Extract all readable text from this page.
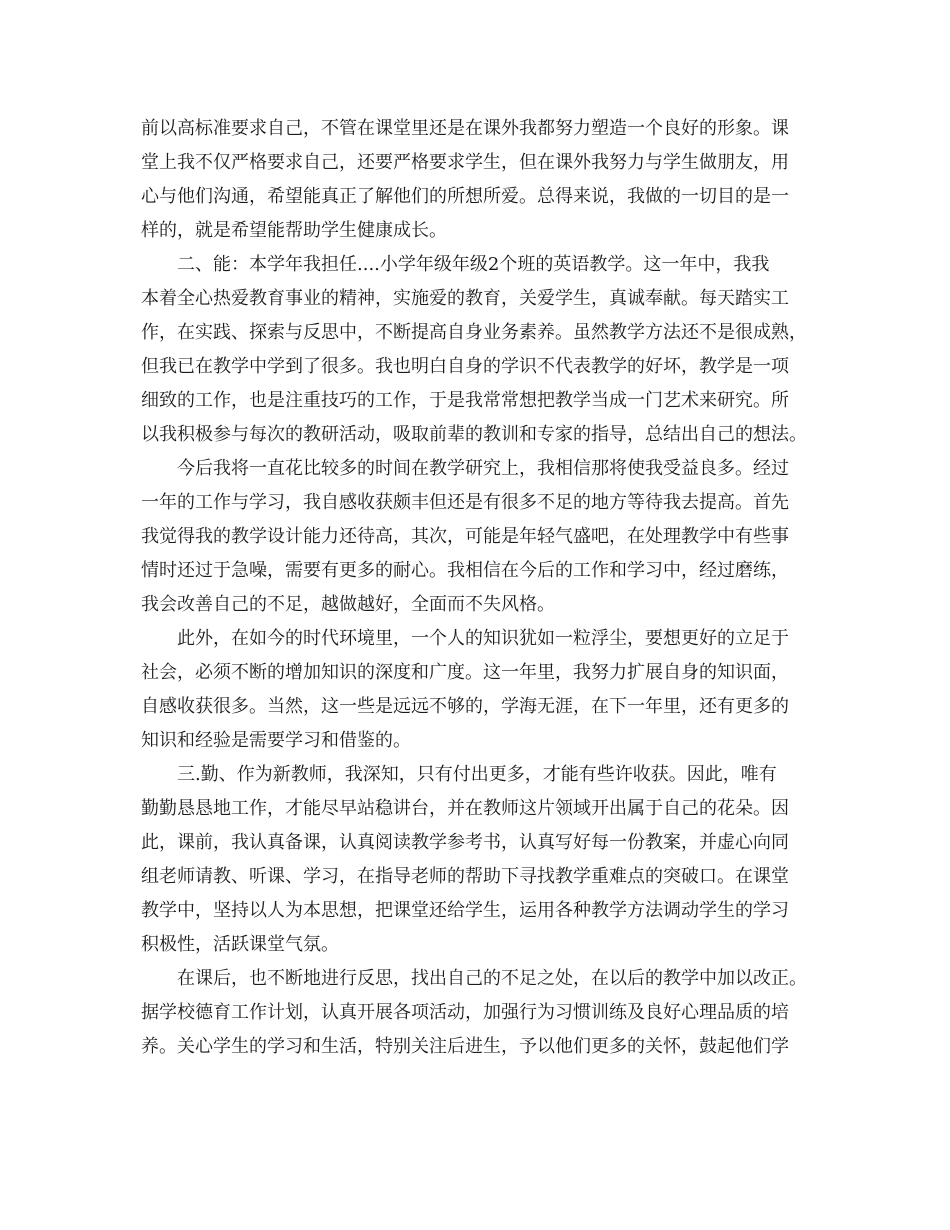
前以高标准要求自己，不管在课堂里还是在课外我都努力塑造一个良好的形象。课
堂上我不仅严格要求自己，还要严格要求学生，但在课外我努力与学生做朋友，用
心与他们沟通，希望能真正了解他们的所想所爱。总得来说，我做的一切目的是一
样的，就是希望能帮助学生健康成长。
二、能：本学年我担任....小学年级年级2个班的英语教学。这一年中，我我
本着全心热爱教育事业的精神，实施爱的教育，关爱学生，真诚奉献。每天踏实工
作，在实践、探索与反思中，不断提高自身业务素养。虽然教学方法还不是很成熟，
但我已在教学中学到了很多。我也明白自身的学识不代表教学的好坏，教学是一项
细致的工作，也是注重技巧的工作，于是我常常想把教学当成一门艺术来研究。所
以我积极参与每次的教研活动，吸取前辈的教训和专家的指导，总结出自己的想法。
今后我将一直花比较多的时间在教学研究上，我相信那将使我受益良多。经过
一年的工作与学习，我自感收获颇丰但还是有很多不足的地方等待我去提高。首先
我觉得我的教学设计能力还待高，其次，可能是年轻气盛吧，在处理教学中有些事
情时还过于急噪，需要有更多的耐心。我相信在今后的工作和学习中，经过磨练，
我会改善自己的不足，越做越好，全面而不失风格。
此外，在如今的时代环境里，一个人的知识犹如一粒浮尘，要想更好的立足于
社会，必须不断的增加知识的深度和广度。这一年里，我努力扩展自身的知识面，
自感收获很多。当然，这一些是远远不够的，学海无涯，在下一年里，还有更多的
知识和经验是需要学习和借鉴的。
三.勤、作为新教师，我深知，只有付出更多，才能有些许收获。因此，唯有
勤勤恳恳地工作，才能尽早站稳讲台，并在教师这片领域开出属于自己的花朵。因
此，课前，我认真备课，认真阅读教学参考书，认真写好每一份教案，并虚心向同
组老师请教、听课、学习，在指导老师的帮助下寻找教学重难点的突破口。在课堂
教学中，坚持以人为本思想，把课堂还给学生，运用各种教学方法调动学生的学习
积极性，活跃课堂气氛。
在课后，也不断地进行反思，找出自己的不足之处，在以后的教学中加以改正。
据学校德育工作计划，认真开展各项活动，加强行为习惯训练及良好心理品质的培
养。关心学生的学习和生活，特别关注后进生，予以他们更多的关怀，鼓起他们学
